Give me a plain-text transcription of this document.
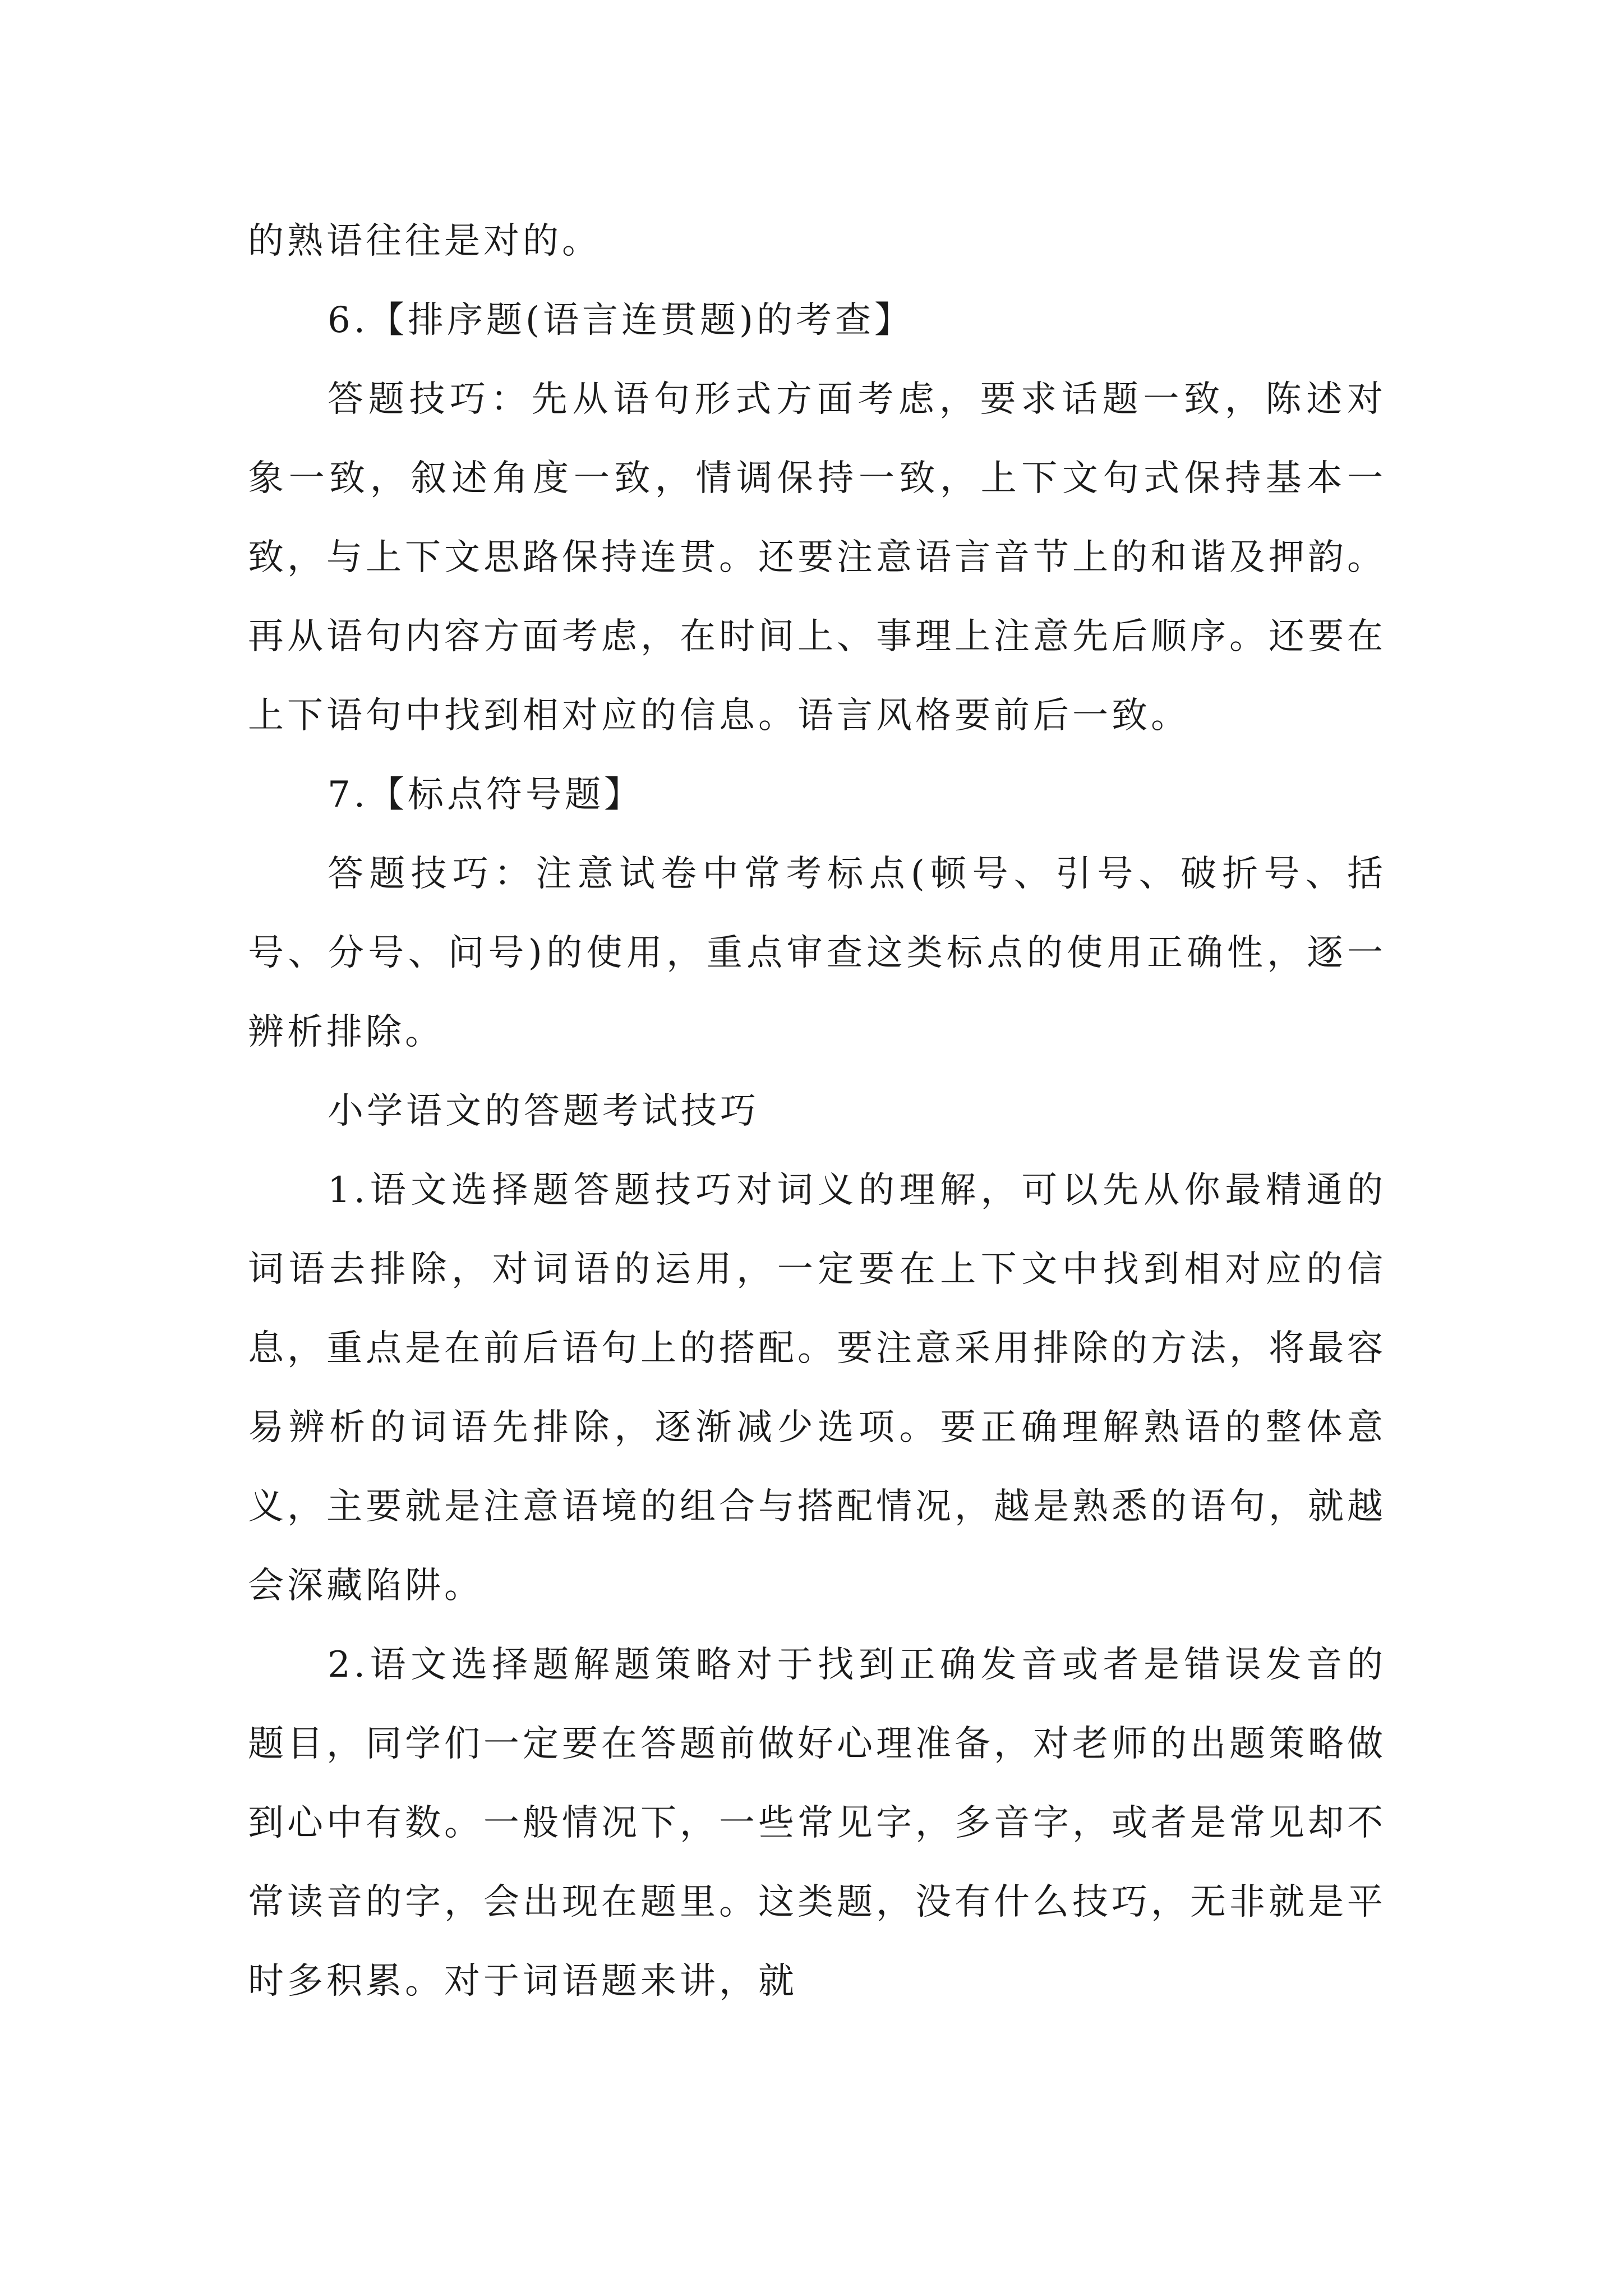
的熟语往往是对的。

6.【排序题(语言连贯题)的考查】

答题技巧：先从语句形式方面考虑，要求话题一致，陈述对象一致，叙述角度一致，情调保持一致，上下文句式保持基本一致，与上下文思路保持连贯。还要注意语言音节上的和谐及押韵。再从语句内容方面考虑，在时间上、事理上注意先后顺序。还要在上下语句中找到相对应的信息。语言风格要前后一致。

7.【标点符号题】

答题技巧：注意试卷中常考标点(顿号、引号、破折号、括号、分号、问号)的使用，重点审查这类标点的使用正确性，逐一辨析排除。

小学语文的答题考试技巧

1.语文选择题答题技巧对词义的理解，可以先从你最精通的词语去排除，对词语的运用，一定要在上下文中找到相对应的信息，重点是在前后语句上的搭配。要注意采用排除的方法，将最容易辨析的词语先排除，逐渐减少选项。要正确理解熟语的整体意义，主要就是注意语境的组合与搭配情况，越是熟悉的语句，就越会深藏陷阱。

2.语文选择题解题策略对于找到正确发音或者是错误发音的题目，同学们一定要在答题前做好心理准备，对老师的出题策略做到心中有数。一般情况下，一些常见字，多音字，或者是常见却不常读音的字，会出现在题里。这类题，没有什么技巧，无非就是平时多积累。对于词语题来讲，就
